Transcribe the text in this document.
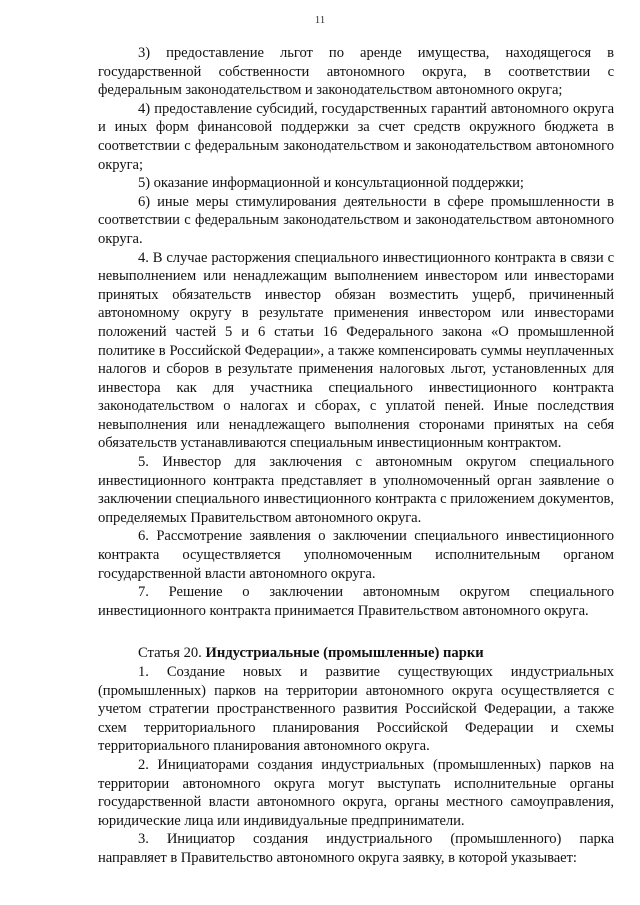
11

3) предоставление льгот по аренде имущества, находящегося в государственной собственности автономного округа, в соответствии с федеральным законодательством и законодательством автономного округа;

4) предоставление субсидий, государственных гарантий автономного округа и иных форм финансовой поддержки за счет средств окружного бюджета в соответствии с федеральным законодательством и законодательством автономного округа;

5) оказание информационной и консультационной поддержки;

6) иные меры стимулирования деятельности в сфере промышленности в соответствии с федеральным законодательством и законодательством автономного округа.

4. В случае расторжения специального инвестиционного контракта в связи с невыполнением или ненадлежащим выполнением инвестором или инвесторами принятых обязательств инвестор обязан возместить ущерб, причиненный автономному округу в результате применения инвестором или инвесторами положений частей 5 и 6 статьи 16 Федерального закона «О промышленной политике в Российской Федерации», а также компенсировать суммы неуплаченных налогов и сборов в результате применения налоговых льгот, установленных для инвестора как для участника специального инвестиционного контракта законодательством о налогах и сборах, с уплатой пеней. Иные последствия невыполнения или ненадлежащего выполнения сторонами принятых на себя обязательств устанавливаются специальным инвестиционным контрактом.

5. Инвестор для заключения с автономным округом специального инвестиционного контракта представляет в уполномоченный орган заявление о заключении специального инвестиционного контракта с приложением документов, определяемых Правительством автономного округа.

6. Рассмотрение заявления о заключении специального инвестиционного контракта осуществляется уполномоченным исполнительным органом государственной власти автономного округа.

7. Решение о заключении автономным округом специального инвестиционного контракта принимается Правительством автономного округа.

Статья 20. Индустриальные (промышленные) парки

1. Создание новых и развитие существующих индустриальных (промышленных) парков на территории автономного округа осуществляется с учетом стратегии пространственного развития Российской Федерации, а также схем территориального планирования Российской Федерации и схемы территориального планирования автономного округа.

2. Инициаторами создания индустриальных (промышленных) парков на территории автономного округа могут выступать исполнительные органы государственной власти автономного округа, органы местного самоуправления, юридические лица или индивидуальные предприниматели.

3. Инициатор создания индустриального (промышленного) парка направляет в Правительство автономного округа заявку, в которой указывает:
